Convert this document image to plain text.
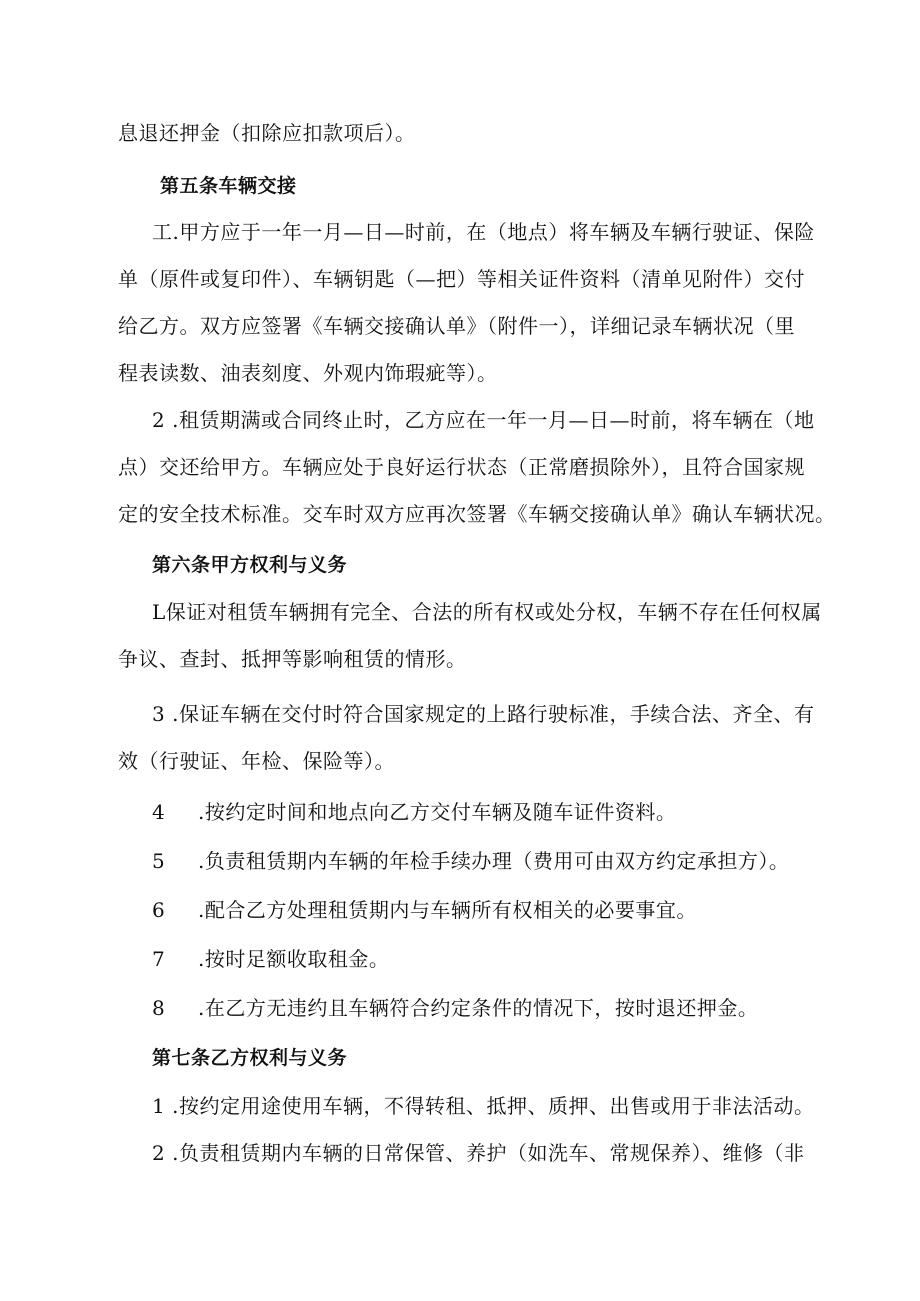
息退还押金（扣除应扣款项后）。
第五条车辆交接
工.甲方应于一年一月—日—时前，在（地点）将车辆及车辆行驶证、保险
单（原件或复印件）、车辆钥匙（—把）等相关证件资料（清单见附件）交付
给乙方。双方应签署《车辆交接确认单》（附件一），详细记录车辆状况（里
程表读数、油表刻度、外观内饰瑕疵等）。
2 .租赁期满或合同终止时，乙方应在一年一月—日—时前，将车辆在（地
点）交还给甲方。车辆应处于良好运行状态（正常磨损除外），且符合国家规
定的安全技术标准。交车时双方应再次签署《车辆交接确认单》确认车辆状况。
第六条甲方权利与义务
L保证对租赁车辆拥有完全、合法的所有权或处分权，车辆不存在任何权属
争议、查封、抵押等影响租赁的情形。
3 .保证车辆在交付时符合国家规定的上路行驶标准，手续合法、齐全、有
效（行驶证、年检、保险等）。
4 .按约定时间和地点向乙方交付车辆及随车证件资料。
5 .负责租赁期内车辆的年检手续办理（费用可由双方约定承担方）。
6 .配合乙方处理租赁期内与车辆所有权相关的必要事宜。
7 .按时足额收取租金。
8 .在乙方无违约且车辆符合约定条件的情况下，按时退还押金。
第七条乙方权利与义务
1 .按约定用途使用车辆，不得转租、抵押、质押、出售或用于非法活动。
2 .负责租赁期内车辆的日常保管、养护（如洗车、常规保养）、维修（非
